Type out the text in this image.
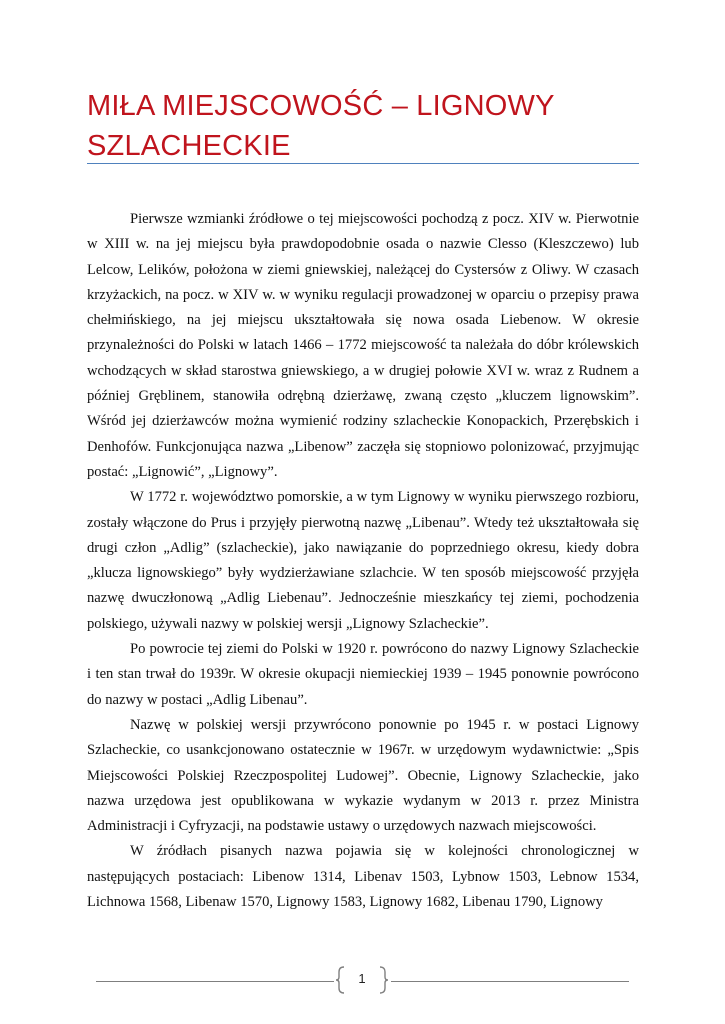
MIŁA MIEJSCOWOŚĆ – LIGNOWY SZLACHECKIE

Pierwsze wzmianki źródłowe o tej miejscowości pochodzą z pocz. XIV w. Pierwotnie w XIII w. na jej miejscu była prawdopodobnie osada o nazwie Clesso (Kleszczewo) lub Lelcow, Lelików, położona w ziemi gniewskiej, należącej do Cystersów z Oliwy. W czasach krzyżackich, na pocz. w XIV w. w wyniku regulacji prowadzonej w oparciu o przepisy prawa chełmińskiego, na jej miejscu ukształtowała się nowa osada Liebenow. W okresie przynależności do Polski w latach 1466 – 1772 miejscowość ta należała do dóbr królewskich wchodzących w skład starostwa gniewskiego, a w drugiej połowie XVI w. wraz z Rudnem a później Gręblinem, stanowiła odrębną dzierżawę, zwaną często „kluczem lignowskim”. Wśród jej dzierżawców można wymienić rodziny szlacheckie Konopackich, Przerębskich i Denhofów. Funkcjonująca nazwa „Libenow” zaczęła się stopniowo polonizować, przyjmując postać: „Lignowić”, „Lignowy”.

W 1772 r. województwo pomorskie, a w tym Lignowy w wyniku pierwszego rozbioru, zostały włączone do Prus i przyjęły pierwotną nazwę „Libenau”. Wtedy też ukształtowała się drugi człon „Adlig” (szlacheckie), jako nawiązanie do poprzedniego okresu, kiedy dobra „klucza lignowskiego” były wydzierżawiane szlachcie. W ten sposób miejscowość przyjęła nazwę dwuczłonową „Adlig Liebenau”. Jednocześnie mieszkańcy tej ziemi, pochodzenia polskiego, używali nazwy w polskiej wersji „Lignowy Szlacheckie”.

Po powrocie tej ziemi do Polski w 1920 r. powrócono do nazwy Lignowy Szlacheckie i ten stan trwał do 1939r. W okresie okupacji niemieckiej 1939 – 1945 ponownie powrócono do nazwy w postaci „Adlig Libenau”.

Nazwę w polskiej wersji przywrócono ponownie po 1945 r. w postaci Lignowy Szlacheckie, co usankcjonowano ostatecznie w 1967r. w urzędowym wydawnictwie: „Spis Miejscowości Polskiej Rzeczpospolitej Ludowej”. Obecnie, Lignowy Szlacheckie, jako nazwa urzędowa jest opublikowana w wykazie wydanym w 2013 r. przez Ministra Administracji i Cyfryzacji, na podstawie ustawy o urzędowych nazwach miejscowości.

W źródłach pisanych nazwa pojawia się w kolejności chronologicznej w następujących postaciach: Libenow 1314, Libenav 1503, Lybnow 1503, Lebnow 1534, Lichnowa 1568, Libenaw 1570, Lignowy 1583, Lignowy 1682, Libenau 1790, Lignowy

1
